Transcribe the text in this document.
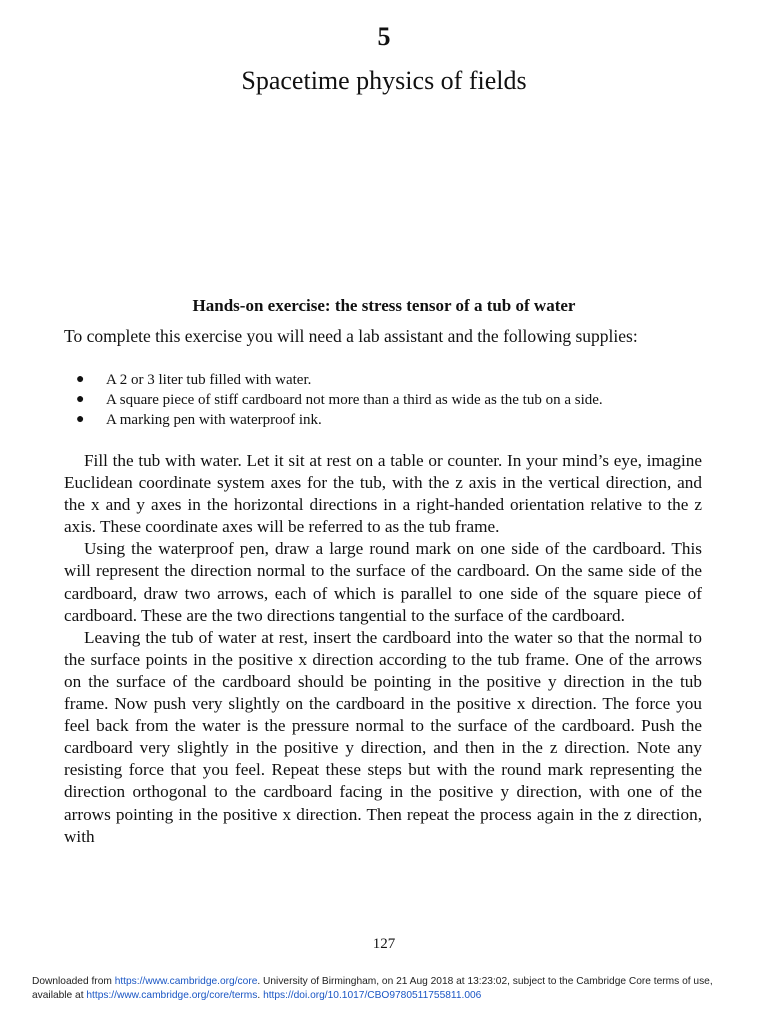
5
Spacetime physics of fields
Hands-on exercise: the stress tensor of a tub of water
To complete this exercise you will need a lab assistant and the following supplies:
● A 2 or 3 liter tub filled with water.
● A square piece of stiff cardboard not more than a third as wide as the tub on a side.
● A marking pen with waterproof ink.

Fill the tub with water. Let it sit at rest on a table or counter. In your mind’s eye, imagine Euclidean coordinate system axes for the tub, with the z axis in the vertical direction, and the x and y axes in the horizontal directions in a right-handed orientation relative to the z axis. These coordinate axes will be referred to as the tub frame.

Using the waterproof pen, draw a large round mark on one side of the cardboard. This will represent the direction normal to the surface of the cardboard. On the same side of the cardboard, draw two arrows, each of which is parallel to one side of the square piece of cardboard. These are the two directions tangential to the surface of the cardboard.

Leaving the tub of water at rest, insert the cardboard into the water so that the normal to the surface points in the positive x direction according to the tub frame. One of the arrows on the surface of the cardboard should be pointing in the positive y direction in the tub frame. Now push very slightly on the cardboard in the positive x direction. The force you feel back from the water is the pressure normal to the surface of the cardboard. Push the cardboard very slightly in the positive y direction, and then in the z direction. Note any resisting force that you feel. Repeat these steps but with the round mark representing the direction orthogonal to the cardboard facing in the positive y direction, with one of the arrows pointing in the positive x direction. Then repeat the process again in the z direction, with

127
Downloaded from https://www.cambridge.org/core. University of Birmingham, on 21 Aug 2018 at 13:23:02, subject to the Cambridge Core terms of use, available at https://www.cambridge.org/core/terms. https://doi.org/10.1017/CBO9780511755811.006
